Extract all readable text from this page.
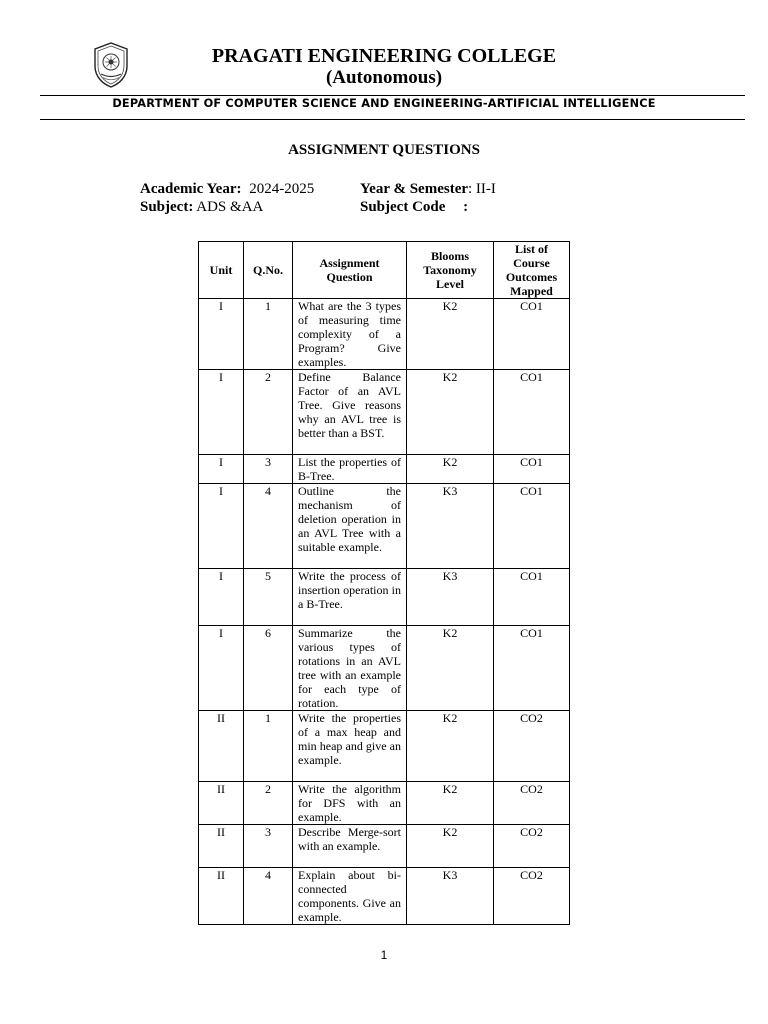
PRAGATI ENGINEERING COLLEGE
(Autonomous)
DEPARTMENT OF COMPUTER SCIENCE AND ENGINEERING-ARTIFICIAL INTELLIGENCE
ASSIGNMENT QUESTIONS
Academic Year: 2024-2025
Subject: ADS &AA
Year & Semester: II-I
Subject Code :
Unit	Q.No.	Assignment Question	Blooms Taxonomy Level	List of Course Outcomes Mapped
I	1	What are the 3 types of measuring time complexity of a Program? Give examples.	K2	CO1
I	2	Define Balance Factor of an AVL Tree. Give reasons why an AVL tree is better than a BST.	K2	CO1
I	3	List the properties of B-Tree.	K2	CO1
I	4	Outline the mechanism of deletion operation in an AVL Tree with a suitable example.	K3	CO1
I	5	Write the process of insertion operation in a B-Tree.	K3	CO1
I	6	Summarize the various types of rotations in an AVL tree with an example for each type of rotation.	K2	CO1
II	1	Write the properties of a max heap and min heap and give an example.	K2	CO2
II	2	Write the algorithm for DFS with an example.	K2	CO2
II	3	Describe Merge-sort with an example.	K2	CO2
II	4	Explain about bi-connected components. Give an example.	K3	CO2
1
